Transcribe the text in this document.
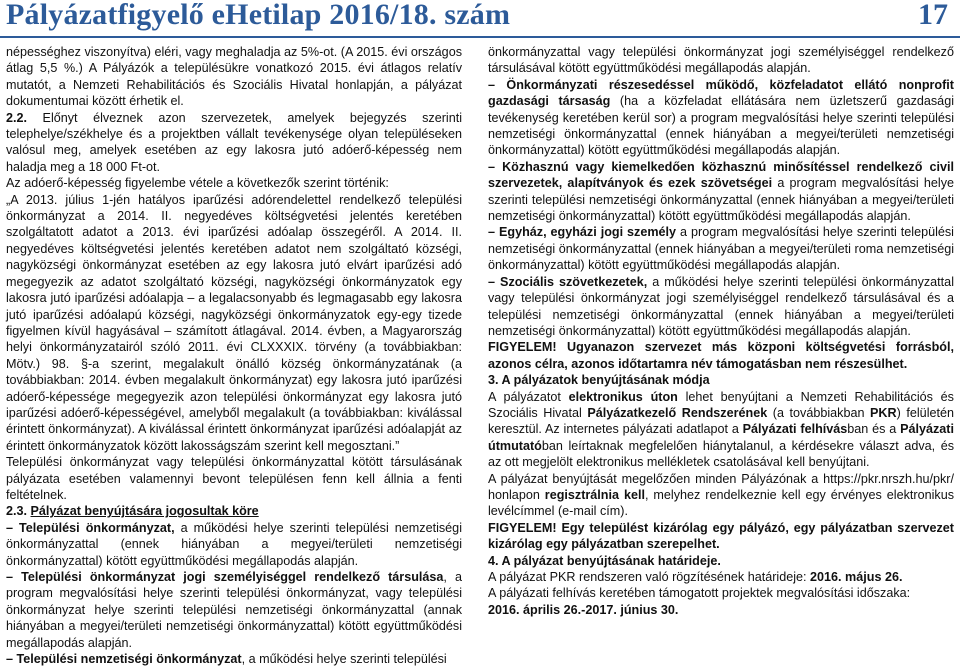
Pályázatfigyelő eHetilap 2016/18. szám	17

népességhez viszonyítva) eléri, vagy meghaladja az 5%-ot. (A 2015. évi országos átlag 5,5 %.) A Pályázók a településükre vonatkozó 2015. évi átlagos relatív mutatót, a Nemzeti Rehabilitációs és Szociális Hivatal honlapján, a pályázat dokumentumai között érhetik el.

2.2. Előnyt élveznek azon szervezetek, amelyek bejegyzés szerinti telephelye/székhelye és a projektben vállalt tevékenysége olyan településeken valósul meg, amelyek esetében az egy lakosra jutó adóerő-képesség nem haladja meg a 18 000 Ft-ot.

Az adóerő-képesség figyelembe vétele a következők szerint történik:

„A 2013. július 1-jén hatályos iparűzési adórendelettel rendelkező települési önkormányzat a 2014. II. negyedéves költségvetési jelentés keretében szolgáltatott adatot a 2013. évi iparűzési adóalap összegéről. A 2014. II. negyedéves költségvetési jelentés keretében adatot nem szolgáltató községi, nagyközségi önkormányzat esetében az egy lakosra jutó elvárt iparűzési adó megegyezik az adatot szolgáltató községi, nagyközségi önkormányzatok egy lakosra jutó iparűzési adóalapja – a legalacsonyabb és legmagasabb egy lakosra jutó iparűzési adóalapú községi, nagyközségi önkormányzatok egy-egy tizede figyelmen kívül hagyásával – számított átlagával. 2014. évben, a Magyarország helyi önkormányzatairól szóló 2011. évi CLXXXIX. törvény (a továbbiakban: Mötv.) 98. §-a szerint, megalakult önálló község önkormányzatának (a továbbiakban: 2014. évben megalakult önkormányzat) egy lakosra jutó iparűzési adóerő-képessége megegyezik azon települési önkormányzat egy lakosra jutó iparűzési adóerő-képességével, amelyből megalakult (a továbbiakban: kiválással érintett önkormányzat). A kiválással érintett önkormányzat iparűzési adóalapját az érintett önkormányzatok között lakosságszám szerint kell megosztani.”

Települési önkormányzat vagy települési önkormányzattal kötött társulásának pályázata esetében valamennyi bevont településen fenn kell állnia a fenti feltételnek.

2.3. Pályázat benyújtására jogosultak köre

– Települési önkormányzat, a működési helye szerinti települési nemzetiségi önkormányzattal (ennek hiányában a megyei/területi nemzetiségi önkormányzattal) kötött együttműködési megállapodás alapján.

– Települési önkormányzat jogi személyiséggel rendelkező társulása, a program megvalósítási helye szerinti települési önkormányzat, vagy települési önkormányzat helye szerinti települési nemzetiségi önkormányzattal (annak hiányában a megyei/területi nemzetiségi önkormányzattal) kötött együttműködési megállapodás alapján.

– Települési nemzetiségi önkormányzat, a működési helye szerinti települési

önkormányzattal vagy települési önkormányzat jogi személyiséggel rendelkező társulásával kötött együttműködési megállapodás alapján.

– Önkormányzati részesedéssel működő, közfeladatot ellátó nonprofit gazdasági társaság (ha a közfeladat ellátására nem üzletszerű gazdasági tevékenység keretében kerül sor) a program megvalósítási helye szerinti települési nemzetiségi önkormányzattal (ennek hiányában a megyei/területi nemzetiségi önkormányzattal) kötött együttműködési megállapodás alapján.

– Közhasznú vagy kiemelkedően közhasznú minősítéssel rendelkező civil szervezetek, alapítványok és ezek szövetségei a program megvalósítási helye szerinti települési nemzetiségi önkormányzattal (ennek hiányában a megyei/területi nemzetiségi önkormányzattal) kötött együttműködési megállapodás alapján.

– Egyház, egyházi jogi személy a program megvalósítási helye szerinti települési nemzetiségi önkormányzattal (ennek hiányában a megyei/területi roma nemzetiségi önkormányzattal) kötött együttműködési megállapodás alapján.

– Szociális szövetkezetek, a működési helye szerinti települési önkormányzattal vagy települési önkormányzat jogi személyiséggel rendelkező társulásával és a települési nemzetiségi önkormányzattal (ennek hiányában a megyei/területi nemzetiségi önkormányzattal) kötött együttműködési megállapodás alapján.

FIGYELEM! Ugyanazon szervezet más közponi költségvetési forrásból, azonos célra, azonos időtartamra név támogatásban nem részesülhet.

3. A pályázatok benyújtásának módja

A pályázatot elektronikus úton lehet benyújtani a Nemzeti Rehabilitációs és Szociális Hivatal Pályázatkezelő Rendszerének (a továbbiakban PKR) felületén keresztül. Az internetes pályázati adatlapot a Pályázati felhívásban és a Pályázati útmutatóban leírtaknak megfelelően hiánytalanul, a kérdésekre választ adva, és az ott megjelölt elektronikus mellékletek csatolásával kell benyújtani.

A pályázat benyújtását megelőzően minden Pályázónak a https://pkr.nrszh.hu/pkr/ honlapon regisztrálnia kell, melyhez rendelkeznie kell egy érvényes elektronikus levélcímmel (e-mail cím).

FIGYELEM! Egy települést kizárólag egy pályázó, egy pályázatban szervezet kizárólag egy pályázatban szerepelhet.

4. A pályázat benyújtásának határideje.

A pályázat PKR rendszeren való rögzítésének határideje: 2016. május 26.

A pályázati felhívás keretében támogatott projektek megvalósítási időszaka:

2016. április 26.-2017. június 30.
